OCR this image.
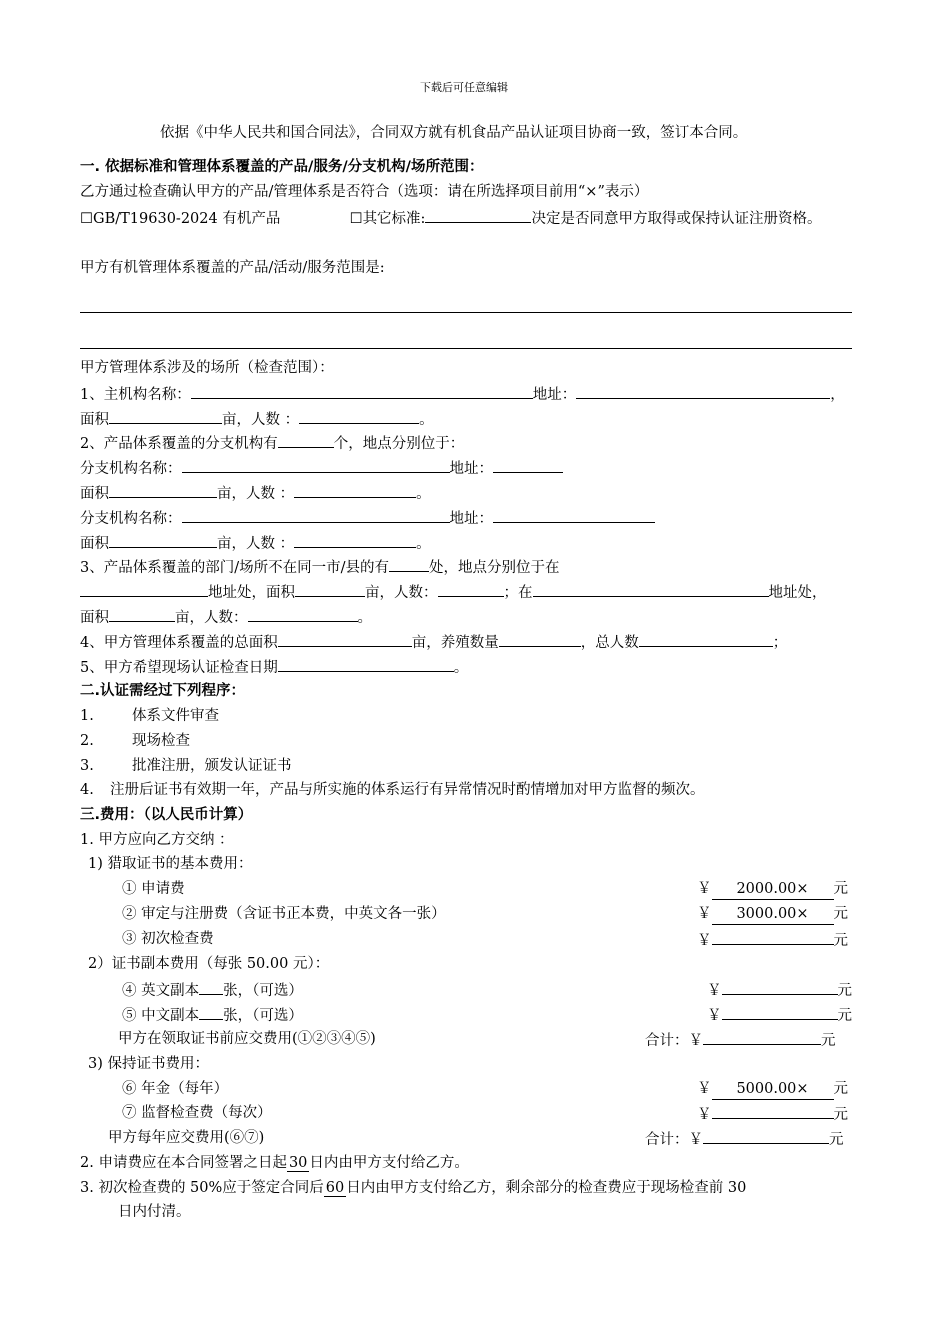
下载后可任意编辑
依据《中华人民共和国合同法》，合同双方就有机食品产品认证项目协商一致，签订本合同。
一. 依据标准和管理体系覆盖的产品/服务/分支机构/场所范围：
乙方通过检查确认甲方的产品/管理体系是否符合（选项：请在所选择项目前用“×”表示）
☐GB/T19630-2024 有机产品	☐其它标准:	决定是否同意甲方取得或保持认证注册资格。
甲方有机管理体系覆盖的产品/活动/服务范围是:
甲方管理体系涉及的场所（检查范围）：
1、主机构名称：	地址：	，
面积	亩，人数 ：	。
2、产品体系覆盖的分支机构有	个，地点分别位于：
分支机构名称：	地址：
面积	亩，人数 ：	。
分支机构名称：	地址：
面积	亩，人数 ：	。
3、产品体系覆盖的部门/场所不在同一市/县的有	处，地点分别位于在
地址处，面积	亩，人数：	；在	地址处，
面积	亩，人数：	。
4、甲方管理体系覆盖的总面积	亩，养殖数量	，总人数	；
5、甲方希望现场认证检查日期	。
二.认证需经过下列程序：
1.	体系文件审查
2.	现场检查
3.	批准注册，颁发认证证书
4. 注册后证书有效期一年，产品与所实施的体系运行有异常情况时酌情增加对甲方监督的频次。
三.费用：（以人民币计算）
1. 甲方应向乙方交纳 ：
1) 猎取证书的基本费用：
① 申请费	￥ 2000.00× 元
② 审定与注册费（含证书正本费，中英文各一张）	￥ 3000.00× 元
③ 初次检查费	￥	元
2）证书副本费用（每张 50.00 元）：
④ 英文副本 张，（可选）	￥	元
⑤ 中文副本 张，（可选）	￥	元
甲方在领取证书前应交费用(①②③④⑤)	合计：￥	元
3) 保持证书费用：
⑥ 年金（每年）	￥ 5000.00× 元
⑦ 监督检查费（每次）	￥	元
甲方每年应交费用(⑥⑦)	合计：￥	元
2. 申请费应在本合同签署之日起 30 日内由甲方支付给乙方。
3. 初次检查费的 50%应于签定合同后 60 日内由甲方支付给乙方，剩余部分的检查费应于现场检查前 30
日内付清。
